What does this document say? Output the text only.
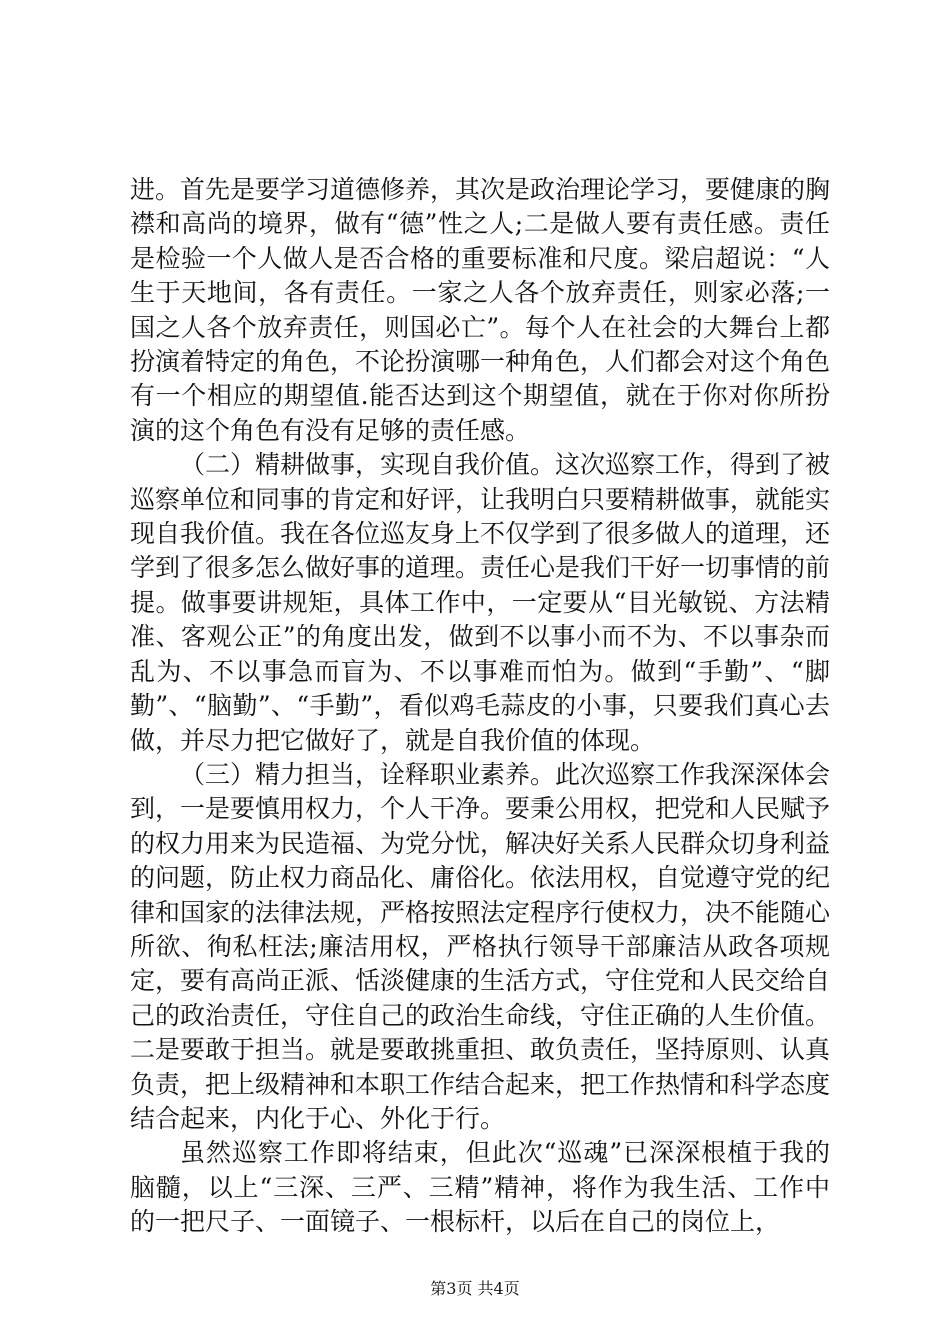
进。首先是要学习道德修养，其次是政治理论学习，要健康的胸襟和高尚的境界，做有“德”性之人;二是做人要有责任感。责任是检验一个人做人是否合格的重要标准和尺度。梁启超说：“人生于天地间，各有责任。一家之人各个放弃责任，则家必落;一国之人各个放弃责任，则国必亡”。每个人在社会的大舞台上都扮演着特定的角色，不论扮演哪一种角色，人们都会对这个角色有一个相应的期望值.能否达到这个期望值，就在于你对你所扮演的这个角色有没有足够的责任感。

（二）精耕做事，实现自我价值。这次巡察工作，得到了被巡察单位和同事的肯定和好评，让我明白只要精耕做事，就能实现自我价值。我在各位巡友身上不仅学到了很多做人的道理，还学到了很多怎么做好事的道理。责任心是我们干好一切事情的前提。做事要讲规矩，具体工作中，一定要从“目光敏锐、方法精准、客观公正”的角度出发，做到不以事小而不为、不以事杂而乱为、不以事急而盲为、不以事难而怕为。做到“手勤”、“脚勤”、“脑勤”、“手勤”，看似鸡毛蒜皮的小事，只要我们真心去做，并尽力把它做好了，就是自我价值的体现。

（三）精力担当，诠释职业素养。此次巡察工作我深深体会到，一是要慎用权力，个人干净。要秉公用权，把党和人民赋予的权力用来为民造福、为党分忧，解决好关系人民群众切身利益的问题，防止权力商品化、庸俗化。依法用权，自觉遵守党的纪律和国家的法律法规，严格按照法定程序行使权力，决不能随心所欲、徇私枉法;廉洁用权，严格执行领导干部廉洁从政各项规定，要有高尚正派、恬淡健康的生活方式，守住党和人民交给自己的政治责任，守住自己的政治生命线，守住正确的人生价值。二是要敢于担当。就是要敢挑重担、敢负责任，坚持原则、认真负责，把上级精神和本职工作结合起来，把工作热情和科学态度结合起来，内化于心、外化于行。

虽然巡察工作即将结束，但此次“巡魂”已深深根植于我的脑髓，以上“三深、三严、三精”精神，将作为我生活、工作中的一把尺子、一面镜子、一根标杆，以后在自己的岗位上，

第3页 共4页
